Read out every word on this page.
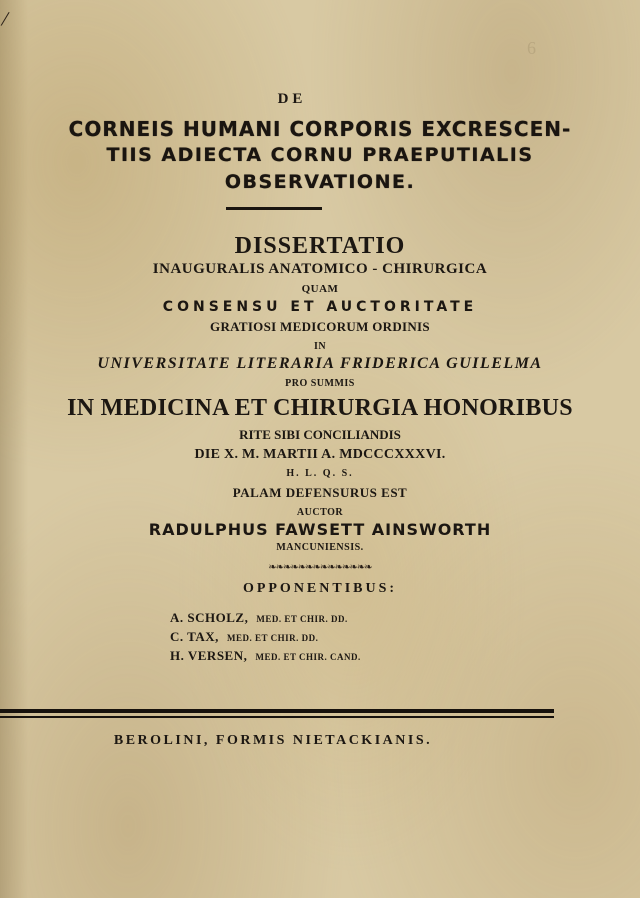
/
6
DE
CORNEIS HUMANI CORPORIS EXCRESCEN-
TIIS ADIECTA CORNU PRAEPUTIALIS
OBSERVATIONE.
DISSERTATIO
INAUGURALIS ANATOMICO - CHIRURGICA
QUAM
CONSENSU ET AUCTORITATE
GRATIOSI MEDICORUM ORDINIS
IN
UNIVERSITATE LITERARIA FRIDERICA GUILELMA
PRO SUMMIS
IN MEDICINA ET CHIRURGIA HONORIBUS
RITE SIBI CONCILIANDIS
DIE X. M. MARTII A. MDCCCXXXVI.
H. L. Q. S.
PALAM DEFENSURUS EST
AUCTOR
RADULPHUS FAWSETT AINSWORTH
MANCUNIENSIS.
❧❧❧❧❧❧❧❧❧❧❧❧❧❧
OPPONENTIBUS:
A. SCHOLZ, MED. ET CHIR. DD.
C. TAX, MED. ET CHIR. DD.
H. VERSEN, MED. ET CHIR. CAND.
BEROLINI, FORMIS NIETACKIANIS.
